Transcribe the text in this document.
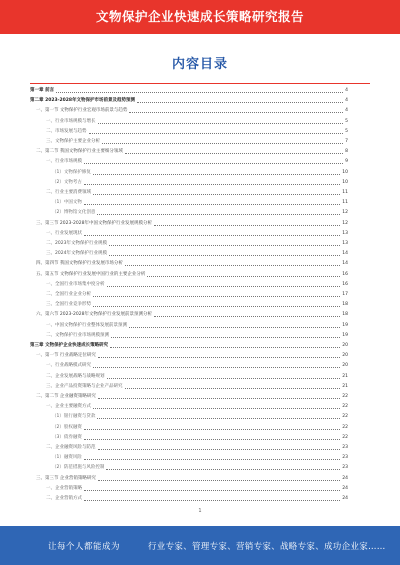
文物保护企业快速成长策略研究报告
内容目录
第一章 前言	4
第二章 2023-2028年文物保护市场前景及趋势预测	4
一、第一节 文物保护行业宏观市场前景与趋势	4
一、行业市场规模与增长	5
二、市场发展与趋势	5
三、文物保护主要企业分析	7
二、第二节 我国文物保护行业主要细分领域	8
一、行业市场规模	9
（1）文物保护修复	10
（2）文物考古	10
二、行业主要消费领域	11
（1）中国文物	11
（2）博物馆文化创意	12
三、第三节 2023-2028年中国文物保护行业发展规模分析	12
一、行业发展现状	13
二、2023年文物保护行业规模	13
三、2024年文物保护行业规模	14
四、第四节 我国文物保护行业发展市场分析	14
五、第五节 文物保护行业发展中国行业的主要企业分析	16
一、全国行业市场集中度分析	16
二、全国行业企业分析	17
三、全国行业竞争形势	18
六、第六节 2023-2028年文物保护行业发展前景预测分析	18
一、中国文物保护行业整体发展前景预测	19
二、文物保护行业市场规模预测	19
第三章 文物保护企业快速成长策略研究	20
一、第一节 行业战略定位研究	20
一、行业战略模式研究	20
二、企业发展战略与战略规划	21
三、企业产品投资策略与企业产品研究	21
二、第二节 企业融资策略研究	22
一、企业主要融资方式	22
（1）银行融资与贷款	22
（2）股权融资	22
（3）债券融资	22
二、企业融资风险与防范	23
（1）融资风险	23
（2）防范措施与风险控制	23
三、第三节 企业营销策略研究	24
一、企业营销策略	24
二、企业营销方式	24
1
让每个人都能成为	行业专家、管理专家、营销专家、战略专家、成功企业家……
